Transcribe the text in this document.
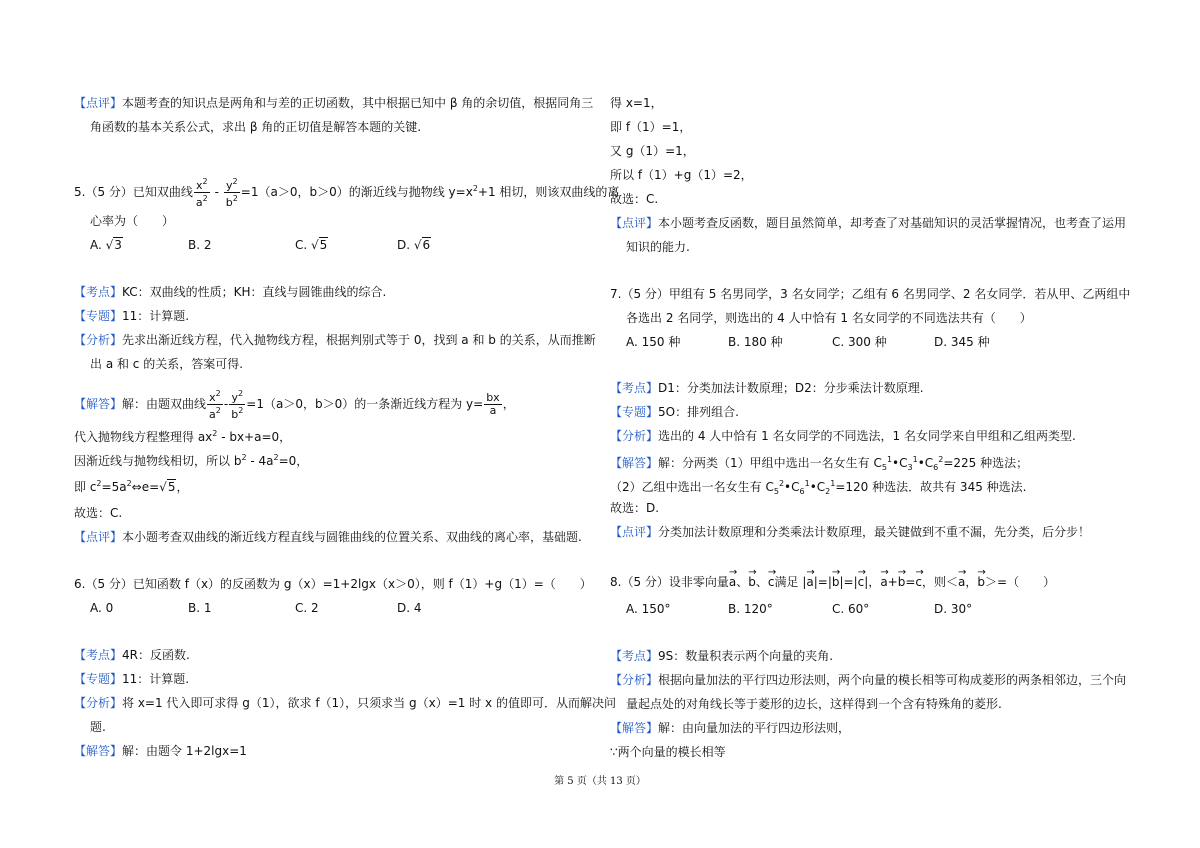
【点评】本题考查的知识点是两角和与差的正切函数，其中根据已知中 β 角的余切值，根据同角三
角函数的基本关系公式，求出 β 角的正切值是解答本题的关键.
5.（5 分）已知双曲线 $\frac{x^2}{a^2} - \frac{y^2}{b^2} =1(a>0$，b＞0）的渐近线与抛物线 $y=x^2+1$ 相切，则该双曲线的离
心率为（　　）
A. √3	B. 2	C. √5	D. √6
【考点】KC：双曲线的性质；KH：直线与圆锥曲线的综合.
【专题】11：计算题.
【分析】先求出渐近线方程，代入抛物线方程，根据判别式等于 0，找到 a 和 b 的关系，从而推断
出 a 和 c 的关系，答案可得.
【解答】解：由题双曲线 $\frac{x^2}{a^2} - \frac{y^2}{b^2} =1(a>0$，b＞0）的一条渐近线方程为 $y= \frac{bx}{a}$ ，
代入抛物线方程整理得 $ax^2 - bx+a=0$，
因渐近线与抛物线相切，所以 $b^2 - 4a^2=0$，
即 $c^2=5a^2\Leftrightarrow e=√5$，
故选：C.
【点评】本小题考查双曲线的渐近线方程直线与圆锥曲线的位置关系、双曲线的离心率，基础题.
6.（5 分）已知函数 f（x）的反函数为 g（x）=1+2lgx（x＞0），则 f（1）+g（1）=（　　）
A. 0	B. 1	C. 2	D. 4
【考点】4R：反函数.
【专题】11：计算题.
【分析】将 x=1 代入即可求得 g（1），欲求 f（1），只须求当 g（x）=1 时 x 的值即可．从而解决问
题.
【解答】解：由题令 1+2lgx=1
得 x=1，
即 f（1）=1，
又 g（1）=1，
所以 f（1）+g（1）=2，
故选：C.
【点评】本小题考查反函数，题目虽然简单，却考查了对基础知识的灵活掌握情况，也考查了运用
知识的能力.
7.（5 分）甲组有 5 名男同学，3 名女同学；乙组有 6 名男同学、2 名女同学．若从甲、乙两组中
各选出 2 名同学，则选出的 4 人中恰有 1 名女同学的不同选法共有（　　）
A. 150 种	B. 180 种	C. 300 种	D. 345 种
【考点】D1：分类加法计数原理；D2：分步乘法计数原理.
【专题】5O：排列组合.
【分析】选出的 4 人中恰有 1 名女同学的不同选法，1 名女同学来自甲组和乙组两类型.
【解答】解：分两类（1）甲组中选出一名女生有 $C_5^1•C_3^1•C_6^2=225$ 种选法；
（2）乙组中选出一名女生有 $C_5^2•C_6^1•C_2^1=120$ 种选法．故共有 345 种选法.
故选：D.
【点评】分类加法计数原理和分类乘法计数原理，最关键做到不重不漏，先分类，后分步！
8.（5 分）设非零向量→ a、→ b、→ c满足 |→ a|=|→ b|=|→ c|，→ a+→ b=→ c，则＜→ a，→ b＞=（　　）
A. 150°	B. 120°	C. 60°	D. 30°
【考点】9S：数量积表示两个向量的夹角.
【分析】根据向量加法的平行四边形法则，两个向量的模长相等可构成菱形的两条相邻边，三个向
量起点处的对角线长等于菱形的边长，这样得到一个含有特殊角的菱形.
【解答】解：由向量加法的平行四边形法则，
∵两个向量的模长相等
第 5 页（共 13 页）
